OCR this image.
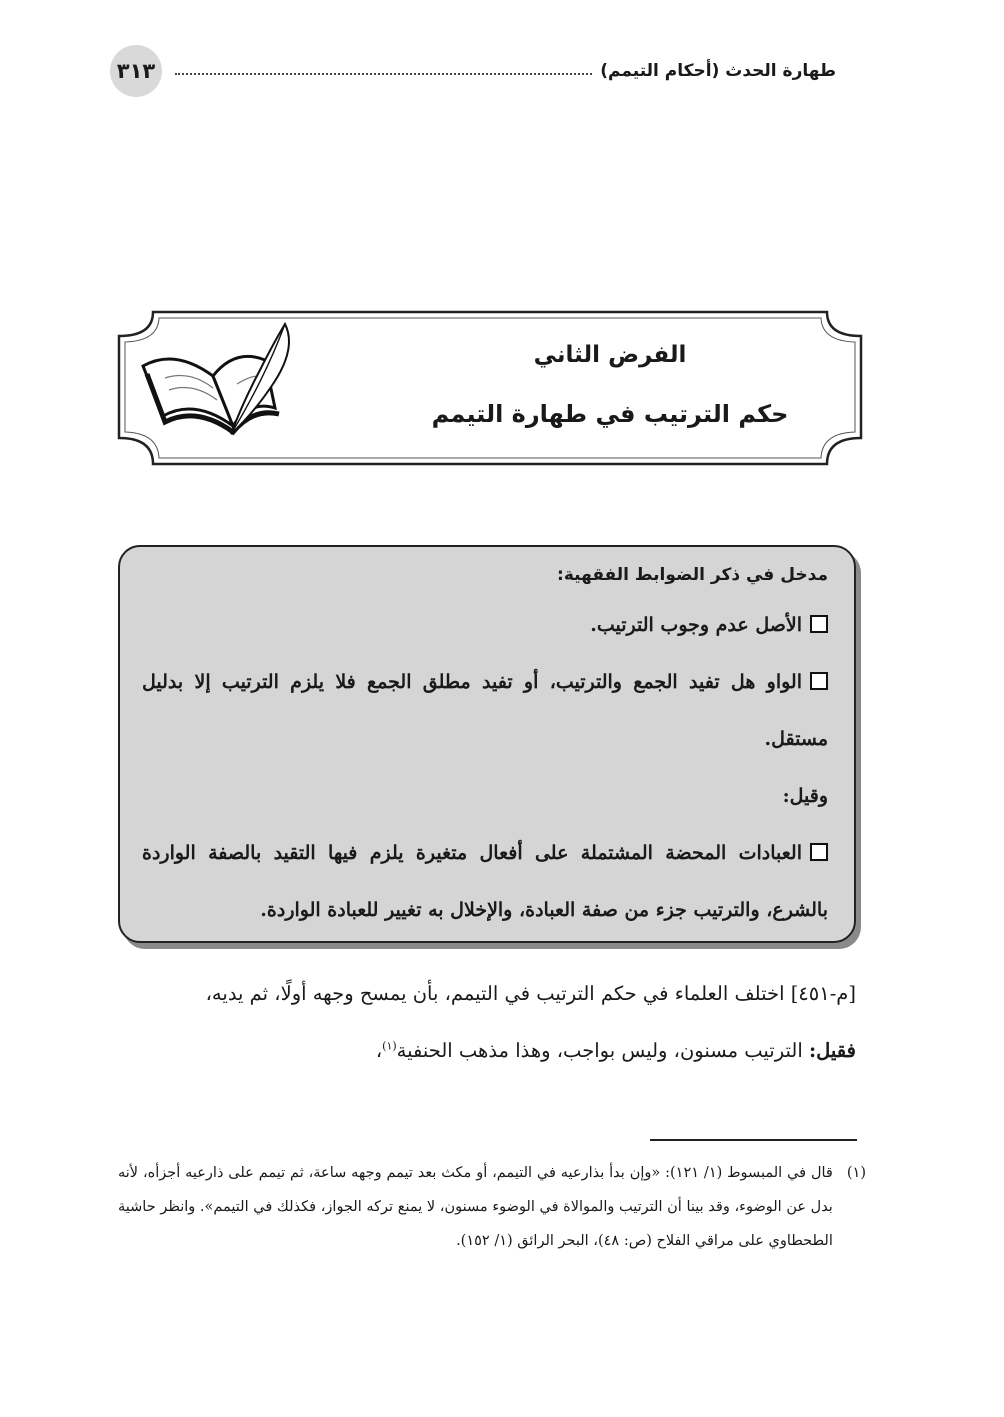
٣١٣	طهارة الحدث (أحكام التيمم)
الفرض الثاني
حكم الترتيب في طهارة التيمم
مدخل في ذكر الضوابط الفقهية:
الأصل عدم وجوب الترتيب.
الواو هل تفيد الجمع والترتيب، أو تفيد مطلق الجمع فلا يلزم الترتيب إلا بدليل مستقل.
وقيل:
العبادات المحضة المشتملة على أفعال متغيرة يلزم فيها التقيد بالصفة الواردة بالشرع، والترتيب جزء من صفة العبادة، والإخلال به تغيير للعبادة الواردة.
[م-٤٥١] اختلف العلماء في حكم الترتيب في التيمم، بأن يمسح وجهه أولًا، ثم يديه،
فقيل: الترتيب مسنون، وليس بواجب، وهذا مذهب الحنفية$^{(١)}$،
(١)
قال في المبسوط (١/ ١٢١): «وإن بدأ بذارعيه في التيمم، أو مكث بعد تيمم وجهه ساعة، ثم تيمم على ذارعيه أجزأه، لأنه بدل عن الوضوء، وقد بينا أن الترتيب والموالاة في الوضوء مسنون، لا يمنع تركه الجواز، فكذلك في التيمم». وانظر حاشية الطحطاوي على مراقي الفلاح (ص: ٤٨)، البحر الرائق (١/ ١٥٢).
